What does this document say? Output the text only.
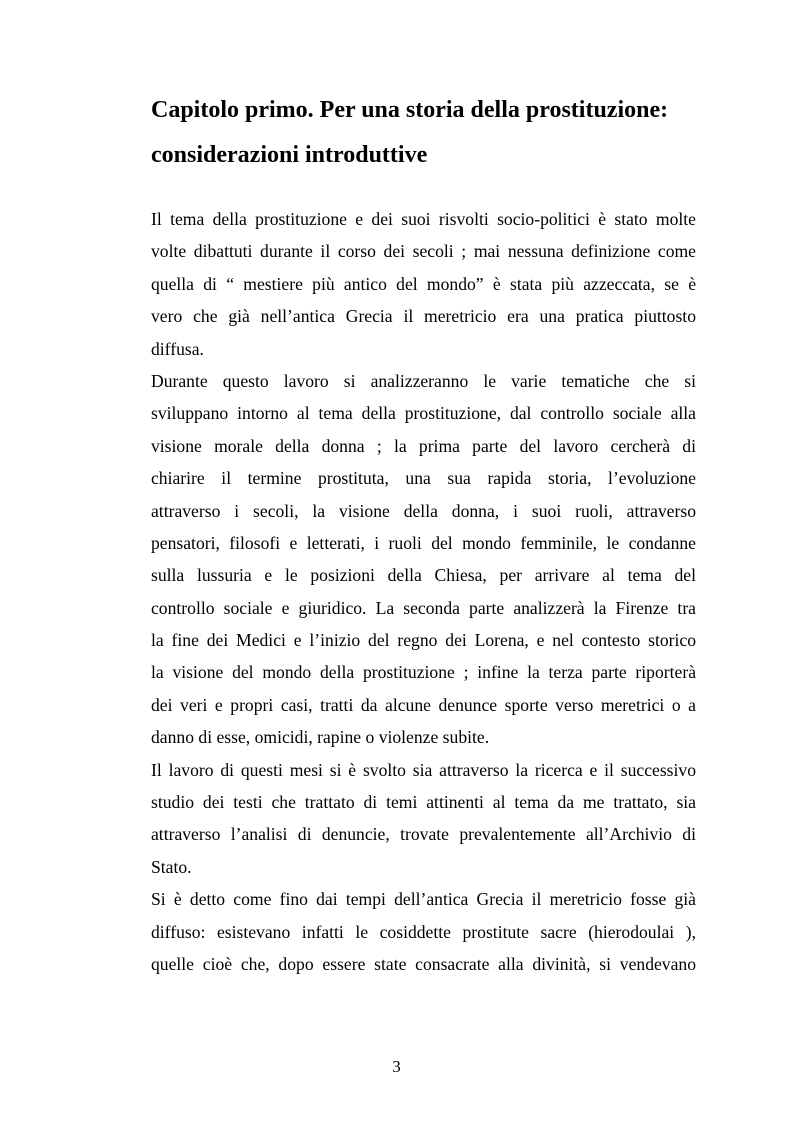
Capitolo primo. Per una storia della prostituzione:
considerazioni introduttive
Il tema della prostituzione e dei suoi risvolti socio-politici è stato molte
volte dibattuti durante il corso dei secoli ; mai nessuna definizione come
quella di “ mestiere più antico del mondo” è stata più azzeccata, se è
vero che già nell’antica Grecia il meretricio era una pratica piuttosto
diffusa.
Durante questo lavoro si analizzeranno le varie tematiche che si
sviluppano intorno al tema della prostituzione, dal controllo sociale alla
visione morale della donna ; la prima parte del lavoro cercherà di
chiarire il termine prostituta, una sua rapida storia, l’evoluzione
attraverso i secoli, la visione della donna, i suoi ruoli, attraverso
pensatori, filosofi e letterati, i ruoli del mondo femminile, le condanne
sulla lussuria e le posizioni della Chiesa, per arrivare al tema del
controllo sociale e giuridico. La seconda parte analizzerà la Firenze tra
la fine dei Medici e l’inizio del regno dei Lorena, e nel contesto storico
la visione del mondo della prostituzione ; infine la terza parte riporterà
dei veri e propri casi, tratti da alcune denunce sporte verso meretrici o a
danno di esse, omicidi, rapine o violenze subite.
Il lavoro di questi mesi si è svolto sia attraverso la ricerca e il successivo
studio dei testi che trattato di temi attinenti al tema da me trattato, sia
attraverso l’analisi di denuncie, trovate prevalentemente all’Archivio di
Stato.
Si è detto come fino dai tempi dell’antica Grecia il meretricio fosse già
diffuso: esistevano infatti le cosiddette prostitute sacre (hierodoulai ),
quelle cioè che, dopo essere state consacrate alla divinità, si vendevano
3
